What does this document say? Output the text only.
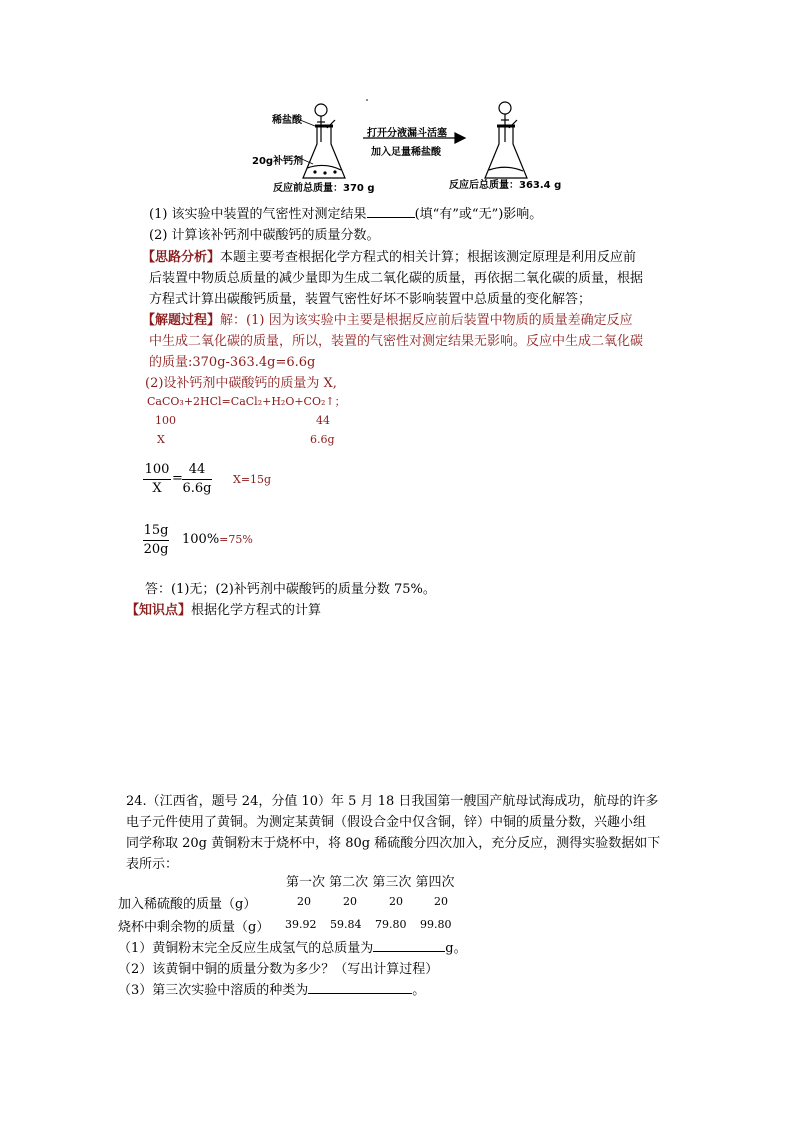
稀盐酸
20g补钙剂
打开分液漏斗活塞
加入足量稀盐酸
反应前总质量：370 g	反应后总质量：363.4 g
(1) 该实验中装置的气密性对测定结果	(填“有”或“无”)影响。
(2) 计算该补钙剂中碳酸钙的质量分数。
【思路分析】本题主要考查根据化学方程式的相关计算；根据该测定原理是利用反应前
后装置中物质总质量的减少量即为生成二氧化碳的质量，再依据二氧化碳的质量，根据
方程式计算出碳酸钙质量，装置气密性好坏不影响装置中总质量的变化解答；
【解题过程】解：(1) 因为该实验中主要是根据反应前后装置中物质的质量差确定反应
中生成二氧化碳的质量，所以，装置的气密性对测定结果无影响。反应中生成二氧化碳
的质量:370g-363.4g=6.6g
(2)设补钙剂中碳酸钙的质量为 X,
CaCO₃+2HCl=CaCl₂+H₂O+CO₂↑；
100	44
X	6.6g
100
X
=
44
6.6g
X=15g
15g
20g
100%=75%
答：(1)无；(2)补钙剂中碳酸钙的质量分数 75%。
【知识点】根据化学方程式的计算
24.（江西省，题号 24，分值 10）年 5 月 18 日我国第一艘国产航母试海成功，航母的许多
电子元件使用了黄铜。为测定某黄铜（假设合金中仅含铜，锌）中铜的质量分数，兴趣小组
同学称取 20g 黄铜粉末于烧杯中，将 80g 稀硫酸分四次加入，充分反应，测得实验数据如下
表所示：
第一次 第二次 第三次 第四次
加入稀硫酸的质量（g）	20	20	20	20
烧杯中剩余物的质量（g） 39.92 59.84 79.80 99.80
（1）黄铜粉末完全反应生成氢气的总质量为	g。
（2）该黄铜中铜的质量分数为多少？（写出计算过程）
（3）第三次实验中溶质的种类为	。
